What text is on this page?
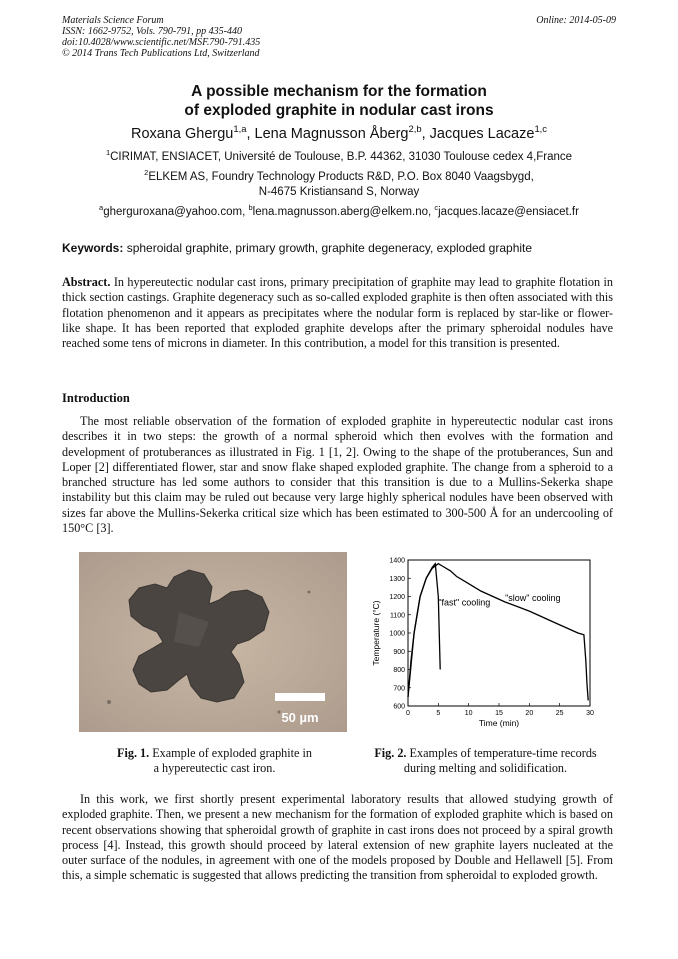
Materials Science Forum	Online: 2014-05-09
ISSN: 1662-9752, Vols. 790-791, pp 435-440
doi:10.4028/www.scientific.net/MSF.790-791.435
© 2014 Trans Tech Publications Ltd, Switzerland
A possible mechanism for the formation
of exploded graphite in nodular cast irons
Roxana Ghergu$^{1,a}$, Lena Magnusson Åberg$^{2,b}$, Jacques Lacaze$^{1,c}$
$^1$CIRIMAT, ENSIACET, Université de Toulouse, B.P. 44362, 31030 Toulouse cedex 4,France
$^2$ELKEM AS, Foundry Technology Products R&D, P.O. Box 8040 Vaagsbygd,
N-4675 Kristiansand S, Norway
$^a$gherguroxana@yahoo.com, $^b$lena.magnusson.aberg@elkem.no, $^c$jacques.lacaze@ensiacet.fr
Keywords: spheroidal graphite, primary growth, graphite degeneracy, exploded graphite

Abstract. In hypereutectic nodular cast irons, primary precipitation of graphite may lead to graphite flotation in thick section castings. Graphite degeneracy such as so-called exploded graphite is then often associated with this flotation phenomenon and it appears as precipitates where the nodular form is replaced by star-like or flower-like shape. It has been reported that exploded graphite develops after the primary spheroidal nodules have reached some tens of microns in diameter. In this contribution, a model for this transition is presented.

Introduction

The most reliable observation of the formation of exploded graphite in hypereutectic nodular cast irons describes it in two steps: the growth of a normal spheroid which then evolves with the formation and development of protuberances as illustrated in Fig. 1 [1, 2]. Owing to the shape of the protuberances, Sun and Loper [2] differentiated flower, star and snow flake shaped exploded graphite. The change from a spheroid to a branched structure has led some authors to consider that this transition is due to a Mullins-Sekerka shape instability but this claim may be ruled out because very large highly spherical nodules have been observed with sizes far above the Mullins-Sekerka critical size which has been estimated to 300-500 Å for an undercooling of 150°C [3].

50 µm
600
700
800
900
1000
1100
1200
1300
1400
0	5	10	15	20	25	30
"fast" cooling "slow" cooling
Time (min)
Temperature (°C)
Fig. 1. Example of exploded graphite in
a hypereutectic cast iron.
Fig. 2. Examples of temperature-time records
during melting and solidification.

In this work, we first shortly present experimental laboratory results that allowed studying growth of exploded graphite. Then, we present a new mechanism for the formation of exploded graphite which is based on recent observations showing that spheroidal growth of graphite in cast irons does not proceed by a spiral growth process [4]. Instead, this growth should proceed by lateral extension of new graphite layers nucleated at the outer surface of the nodules, in agreement with one of the models proposed by Double and Hellawell [5]. From this, a simple schematic is suggested that allows predicting the transition from spheroidal to exploded growth.
